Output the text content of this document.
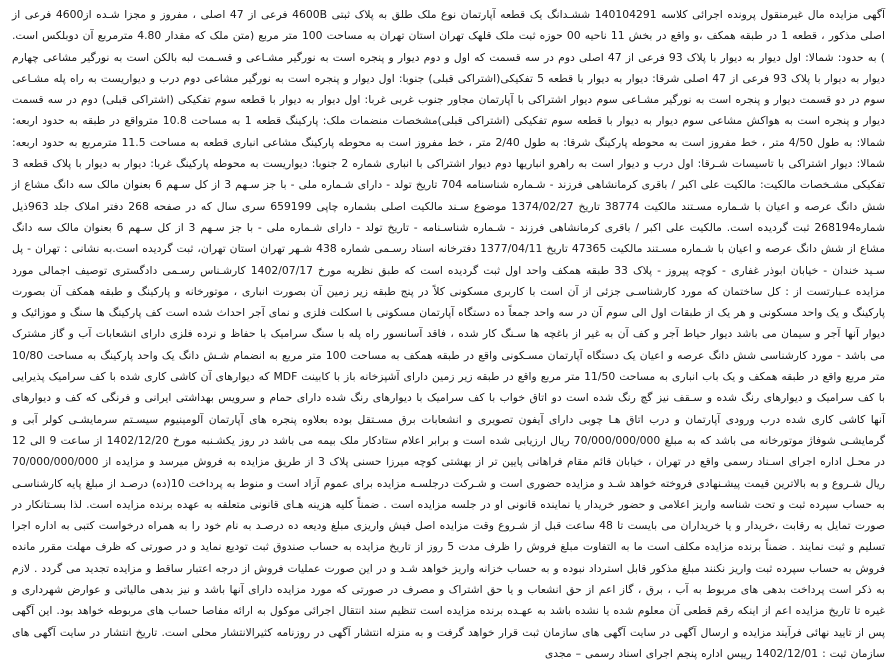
آگهی مزایده مال غیرمنقول پرونده اجرائی کلاسه 140104291 ششـدانگ یک قطعه آپارتمان نوع ملک طلق به پلاک ثبتی 4600B فرعی از 47 اصلی ، مفروز و مجزا شـده از4600 فرعی از اصلی مذکور ، قطعه 1 در طبقه همکف ،و واقع در بخش 11 ناحیه 00 حوزه ثبت ملک قلهک تهران استان تهران به مساحت 100 متر مربع (متن ملک که مقدار 4.80 مترمربع آن دوبلکس است. ) به حدود: شمالا: اول دیوار به دیوار با پلاک 93 فرعی از 47 اصلی دوم در سه قسمت که اول و دوم دیوار و پنجره است به نورگیر مشـاعی و قسـمت لبه بالکن است به نورگیر مشاعی چهارم دیوار به دیوار با پلاک 93 فرعی از 47 اصلی شرقا: دیوار به دیوار با قطعه 5 تفکیکی(اشتراکی قبلی) جنوبا: اول دیوار و پنجره است به نورگیر مشاعی دوم درب و دیواریست به راه پله مشـاعی سوم در دو قسمت دیوار و پنجره است به نورگیر مشـاعی سوم دیوار اشتراکی با آپارتمان مجاور جنوب غربی غربا: اول دیوار به دیوار با قطعه سوم تفکیکی (اشتراکی قبلی) دوم در سه قسمت دیوار و پنجره است به هواکش مشاعی سوم دیوار به دیوار با قطعه سوم تفکیکی (اشتراکی قبلی)مشخصات منضمات ملک: پارکینگ قطعه 1 به مساحت 10.8 مترواقع در طبقه به حدود اربعه: شمالا: به طول 4/50 متر ، خط مفروز است به محوطه پارکینگ شرقا: به طول 2/40 متر ، خط مفروز است به محوطه پارکینگ مشاعی انباری قطعه به مساحت 11.5 مترمربع به حدود اربعه: شمالا: دیوار اشتراکی با تاسیسات شـرقا: اول درب و دیوار است به راهرو انباریها دوم دیوار اشتراکی با انباری شماره 2 جنوبا: دیواریست به محوطه پارکینگ غربا: دیوار به دیوار با پلاک قطعه 3 تفکیکی مشـخصات مالکیت: مالکیت علی اکبر / باقری کرمانشاهی فرزند - شـماره شناسنامه 704 تاریخ تولد - دارای شـماره ملی - با جز سـهم 3 از کل سـهم 6 بعنوان مالک سه دانگ مشاع از شش دانگ عرصه و اعیان با شـماره مسـتند مالکیت 38774 تاریخ 1374/02/27 موضوع سـند مالکیت اصلی بشماره چاپی 659199 سری سال که در صفحه 268 دفتر املاک جلد 963ذیل شماره268194 ثبت گردیده است. مالکیت علی اکبر / باقری کرمانشاهی فرزند - شـماره شناسـنامه - تاریخ تولد - دارای شـماره ملی - با جز سـهم 3 از کل سـهم 6 بعنوان مالک سه دانگ مشاع از شش دانگ عرصه و اعیان با شـماره مسـتند مالکیت 47365 تاریخ 1377/04/11 دفترخانه اسناد رسـمی شماره 438 شـهر تهران استان تهران، ثبت گردیده است.به نشانی : تهران - پل سـید خندان - خیابان ابوذر غفاری - کوچه پیروز - پلاک 33 طبقه همکف واحد اول ثبت گردیده است که طبق نظریه مورخ 1402/07/17 کارشـناس رسـمی دادگستری توصیف اجمالی مورد مزایده عـبارتست از : کل ساختمان که مورد کارشناسـی جزئی از آن است با کاربری مسکونی کلاً در پنج طبقه زیر زمین آن بصورت انباری ، موتورخانه و پارکینگ و طبقه همکف آن بصورت پارکینگ و یک واحد مسکونی و هر یک از طبقات اول الی سوم آن در سه واحد جمعاً ده دستگاه آپارتمان مسکونی با اسکلت فلزی و نمای آجر احداث شده است کف پارکینگ ها سنگ و موزائیک و دیوار آنها آجر و سیمان می باشد دیوار حیاط آجر و کف آن به غیر از باغچه ها سـنگ کار شده ، فاقد آسانسور راه پله با سنگ سرامیک با حفاظ و نرده فلزی دارای انشعابات آب و گاز مشترک می باشد - مورد کارشناسی شش دانگ عرصه و اعیان یک دستگاه آپارتمان مسـکونی واقع در طبقه همکف به مساحت 100 متر مربع به انضمام شـش دانگ یک واحد پارکینگ به مساحت 10/80 متر مربع واقع در طبقه همکف و یک باب انباری به مساحت 11/50 متر مربع واقع در طبقه زیر زمین دارای آشپزخانه باز با کابینت MDF که دیوارهای آن کاشی کاری شده با کف سرامیک پذیرایی با کف سرامیک و دیوارهای رنگ شده و سـقف نیز گچ رنگ شده است دو اتاق خواب با کف سرامیک با دیوارهای رنگ شده دارای حمام و سرویس بهداشتی ایرانی و فرنگی که کف و دیوارهای آنها کاشی کاری شده درب ورودی آپارتمان و درب اتاق هـا چوبی دارای آیفون تصویری و انشعابات برق مسـتقل بوده بعلاوه پنجره های آپارتمان آلومینیوم سیسـتم سرمایشـی کولر آبی و گرمایشـی شوفاژ موتورخانه می باشد که به مبلغ 70/000/000/000 ریال ارزیابی شده است و برابر اعلام ستادکار ملک بیمه می باشد در روز یکشـنبه مورخ 1402/12/20 از ساعت 9 الی 12 در محـل اداره اجرای اسـناد رسمی واقع در تهران ، خیابان قائم مقام فراهانی پایین تر از بهشتی کوچه میرزا حسنی پلاک 3 از طریق مزایده به فروش میرسد و مزایده از 70/000/000/000 ریال شـروع و به بالاترین قیمت پیشـنهادی فروخته خواهد شـد و مزایده حضوری است و شـرکت درجلسـه مزایده برای عموم آزاد است و منوط به پرداخت 10(ده) درصـد از مبلغ پایه کارشناسـی به حساب سپرده ثبت و تحت شناسه واریز اعلامی و حضور خریدار یا نماینده قانونی او در جلسه مزایده است . ضمناً کلیه هزینه هـای قانونی متعلقه به عهده برنده مزایده است. لذا بسـتانکار در صورت تمایل به رقابت ،خریدار و یا خریداران می بایست تا 48 ساعت قبل از شـروع وقت مزایده اصل فیش واریزی مبلغ ودیعه ده درصـد به نام خود را به همراه درخواست کتبی به اداره اجرا تسلیم و ثبت نمایند . ضمناً برنده مزایده مکلف است ما به التفاوت مبلغ فروش را ظرف مدت 5 روز از تاریخ مزایده به حساب صندوق ثبت تودیع نماید و در صورتی که ظرف مهلت مقرر مانده فروش به حساب سپرده ثبت واریز نکنند مبلغ مذکور قابل استرداد نبوده و به حساب خزانه واریز خواهد شـد و در این صورت عملیات فروش از درجه اعتبار ساقط و مزایده تجدید می گردد . لازم به ذکر است پرداخت بدهی های مربوط به آب ، برق ، گاز اعم از حق انشعاب و یا حق اشتراک و مصرف در صورتی که مورد مزایده دارای آنها باشد و نیز بدهی مالیاتی و عوارض شهرداری و غیره تا تاریخ مزایده اعم از اینکه رقم قطعی آن معلوم شده یا نشده باشد به عهـده برنده مزایده است تنظیم سند انتقال اجرائی موکول به ارائه مفاصا حساب های مربوطه خواهد بود. این آگهی پس از تایید نهائی فرآیند مزایده و ارسال آگهی در سایت آگهی های سازمان ثبت قرار خواهد گرفت و به منزله انتشار آگهی در روزنامه کثیرالانتشار محلی است. تاریخ انتشار در سایت آگهی های سازمان ثبت : 1402/12/01 رییس اداره پنجم اجرای اسناد رسمی – مجدی
